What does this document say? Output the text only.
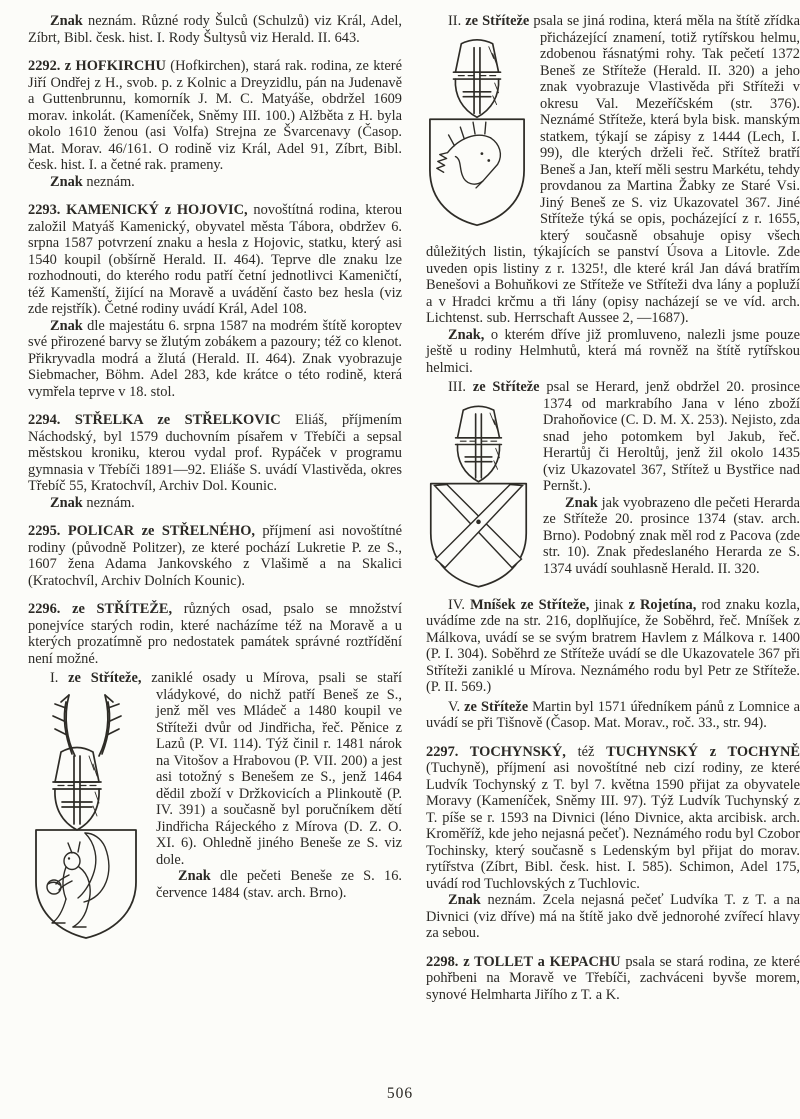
Znak neznám. Různé rody Šulců (Schulzů) viz Král, Adel, Zíbrt, Bibl. česk. hist. I. Rody Šultysů viz Herald. II. 643.

2292. z HOFKIRCHU (Hofkirchen), stará rak. rodina, ze které Jiří Ondřej z H., svob. p. z Kolnic a Dreyzidlu, pán na Judenavě a Guttenbrunnu, komorník J. M. C. Matyáše, obdržel 1609 morav. inkolát. (Kameníček, Sněmy III. 100.) Alžběta z H. byla okolo 1610 ženou (asi Volfa) Strejna ze Švarcenavy (Časop. Mat. Morav. 46/161. O rodině viz Král, Adel 91, Zíbrt, Bibl. česk. hist. I. a četné rak. prameny.

Znak neznám.

2293. KAMENICKÝ z HOJOVIC, novoštítná rodina, kterou založil Matyáš Kamenický, obyvatel města Tábora, obdržev 6. srpna 1587 potvrzení znaku a hesla z Hojovic, statku, který asi 1540 koupil (obšírně Herald. II. 464). Teprve dle znaku lze rozhodnouti, do kterého rodu patří četní jednotlivci Kameničtí, též Kamenští, žijící na Moravě a uvádění často bez hesla (viz zde rejstřík). Četné rodiny uvádí Král, Adel 108.

Znak dle majestátu 6. srpna 1587 na modrém štítě koroptev své přirozené barvy se žlutým zobákem a pazoury; též co klenot. Přikryvadla modrá a žlutá (Herald. II. 464). Znak vyobrazuje Siebmacher, Böhm. Adel 283, kde krátce o této rodině, která vymřela teprve v 18. stol.

2294. STŘELKA ze STŘELKOVIC Eliáš, příjmením Náchodský, byl 1579 duchovním písařem v Třebíči a sepsal městskou kroniku, kterou vydal prof. Rypáček v programu gymnasia v Třebíči 1891—92. Eliáše S. uvádí Vlastivěda, okres Třebíč 55, Kratochvíl, Archiv Dol. Kounic.

Znak neznám.

2295. POLICAR ze STŘELNÉHO, příjmení asi novoštítné rodiny (původně Politzer), ze které pochází Lukretie P. ze S., 1607 žena Adama Jankovského z Vlašimě a na Skalici (Kratochvíl, Archiv Dolních Kounic).

2296. ze STŘÍTEŽE, různých osad, psalo se množství ponejvíce starých rodin, které nacházíme též na Moravě a u kterých prozatímně pro nedostatek památek správné roztřídění není možné.

I. ze Stříteže, zaniklé osady u Mírova, psali se
staří vládykové, do nichž patří Beneš ze S., jenž měl ves Mládeč a 1480 koupil ve Stříteži dvůr od Jindřicha, řeč. Pěnice z Lazů (P. VI. 114). Týž činil r. 1481 nárok na Vitošov a Hrabovou (P. VII. 200) a jest asi totožný s Benešem ze S., jenž 1464 dědil zboží v Držkovicích a Plinkoutě (P. IV. 391) a současně byl poručníkem dětí Jindřicha Rájeckého z Mírova (D. Z. O. XI. 6). Ohledně jiného Beneše ze S. viz dole.

Znak dle pečeti Beneše ze S. 16. července 1484 (stav. arch. Brno).

II. ze Stříteže psala se jiná rodina, která měla na
štítě zřídka přicházející znamení, totiž rytířskou helmu, zdobenou řásnatými rohy. Tak pečetí 1372 Beneš ze Stříteže (Herald. II. 320) a jeho znak vyobrazuje Vlastivěda při Stříteži v okresu Val. Mezeříčském (str. 376). Neznámé Stříteže, která byla bisk. manským statkem, týkají se zápisy z 1444 (Lech, I. 99), dle kterých drželi řeč. Střítež bratří Beneš a Jan, kteří měli sestru Markétu, tehdy provdanou za Martina Žabky ze Staré Vsi. Jiný Beneš ze S. viz Ukazovatel 367. Jiné Stříteže týká se opis, pocházející z r. 1655, který současně obsahuje opisy všech důležitých listin, týkajících se panství Úsova a Litovle. Zde uveden opis listiny z r. 1325!, dle které král Jan dává bratřím Benešovi a Bohuňkovi ze Stříteže ve Stříteži dva lány a popluží a v Hradci krčmu a tři lány (opisy nacházejí se ve víd. arch. Lichtenst. sub. Herrschaft Aussee 2, —1687).

Znak, o kterém dříve již promluveno, nalezli jsme pouze ještě u rodiny Helmhutů, která má rovněž na štítě rytířskou helmici.

III. ze Stříteže psal se Herard, jenž obdržel
20. prosince 1374 od markrabího Jana v léno zboží Drahoňovice (C. D. M. X. 253). Nejisto, zda snad jeho potomkem byl Jakub, řeč. Herartůj či Heroltůj, jenž žil okolo 1435 (viz Ukazovatel 367, Střítež u Bystřice nad Pernšt.).

Znak jak vyobrazeno dle pečeti Herarda ze Stříteže 20. prosince 1374 (stav. arch. Brno). Podobný znak měl rod z Pacova (zde str. 10). Znak předeslaného Herarda ze S. 1374 uvádí souhlasně Herald. II. 320.

IV. Mníšek ze Stříteže, jinak z Rojetína, rod znaku kozla, uvádíme zde na str. 216, doplňujíce, že Soběhrd, řeč. Mníšek z Málkova, uvádí se se svým bratrem Havlem z Málkova r. 1400 (P. I. 304). Soběhrd ze Stříteže uvádí se dle Ukazovatele 367 při Stříteži zaniklé u Mírova. Neznámého rodu byl Petr ze Stříteže. (P. II. 569.)

V. ze Stříteže Martin byl 1571 úředníkem pánů z Lomnice a uvádí se při Tišnově (Časop. Mat. Morav., roč. 33., str. 94).

2297. TOCHYNSKÝ, též TUCHYNSKÝ z TOCHYNĚ (Tuchyně), příjmení asi novoštítné neb cizí rodiny, ze které Ludvík Tochynský z T. byl 7. května 1590 přijat za obyvatele Moravy (Kameníček, Sněmy III. 97). Týž Ludvík Tuchynský z T. píše se r. 1593 na Divnici (léno Divnice, akta arcibisk. arch. Kroměříž, kde jeho nejasná pečeť). Neznámého rodu byl Czobor Tochinsky, který současně s Ledenským byl přijat do morav. rytířstva (Zíbrt, Bibl. česk. hist. I. 585). Schimon, Adel 175, uvádí rod Tuchlovských z Tuchlovic.

Znak neznám. Zcela nejasná pečeť Ludvíka T. z T. a na Divnici (viz dříve) má na štítě jako dvě jednorohé zvířecí hlavy za sebou.

2298. z TOLLET a KEPACHU psala se stará rodina, ze které pohřbeni na Moravě ve Třebíči, zachváceni byvše morem, synové Helmharta Jiřího z T. a K.

506
